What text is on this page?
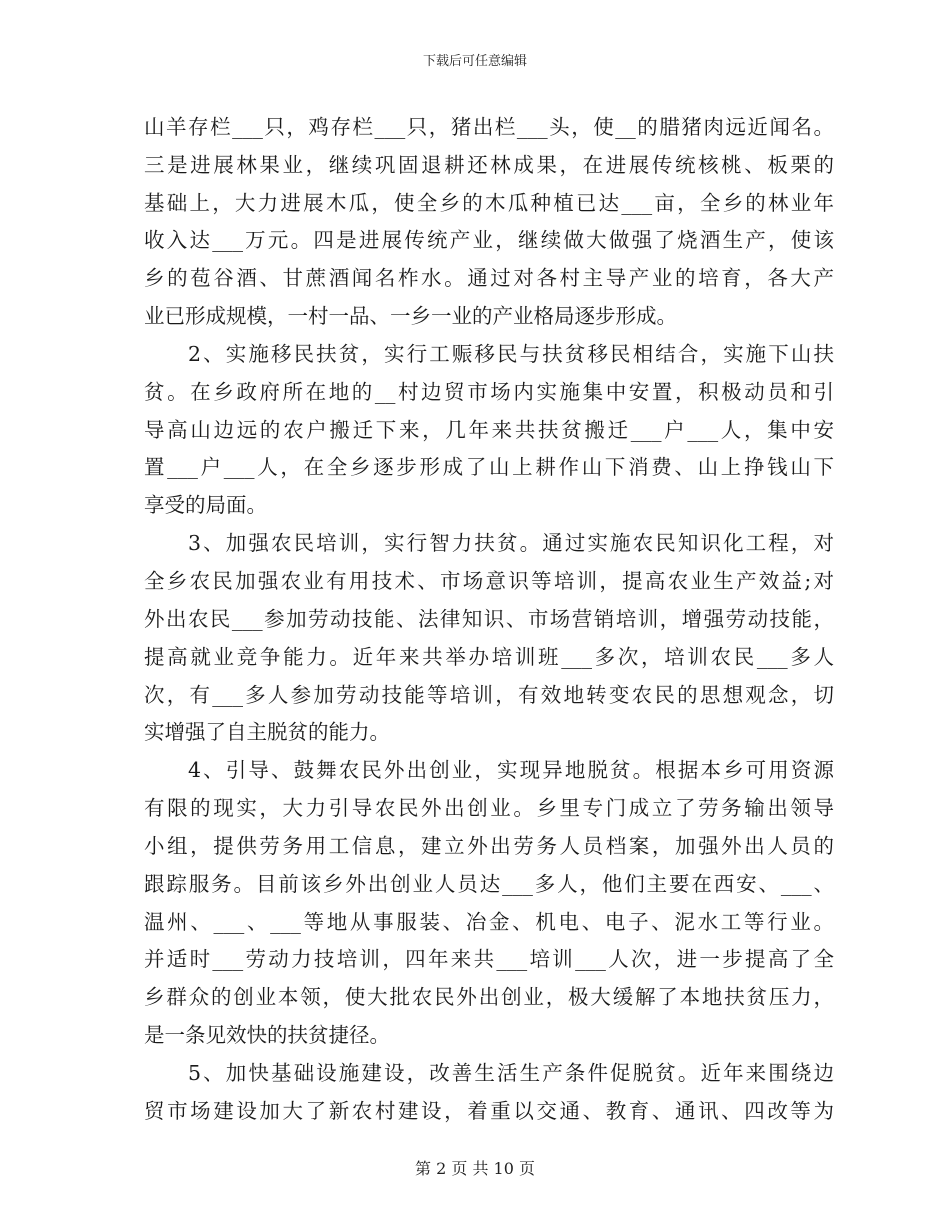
下载后可任意编辑
山羊存栏___只，鸡存栏___只，猪出栏___头，使__的腊猪肉远近闻名。
三是进展林果业，继续巩固退耕还林成果，在进展传统核桃、板栗的
基础上，大力进展木瓜，使全乡的木瓜种植已达___亩，全乡的林业年
收入达___万元。四是进展传统产业，继续做大做强了烧酒生产，使该
乡的苞谷酒、甘蔗酒闻名柞水。通过对各村主导产业的培育，各大产
业已形成规模，一村一品、一乡一业的产业格局逐步形成。
2、实施移民扶贫，实行工赈移民与扶贫移民相结合，实施下山扶
贫。在乡政府所在地的__村边贸市场内实施集中安置，积极动员和引
导高山边远的农户搬迁下来，几年来共扶贫搬迁___户___人，集中安
置___户___人，在全乡逐步形成了山上耕作山下消费、山上挣钱山下
享受的局面。
3、加强农民培训，实行智力扶贫。通过实施农民知识化工程，对
全乡农民加强农业有用技术、市场意识等培训，提高农业生产效益;对
外出农民___参加劳动技能、法律知识、市场营销培训，增强劳动技能，
提高就业竞争能力。近年来共举办培训班___多次，培训农民___多人
次，有___多人参加劳动技能等培训，有效地转变农民的思想观念，切
实增强了自主脱贫的能力。
4、引导、鼓舞农民外出创业，实现异地脱贫。根据本乡可用资源
有限的现实，大力引导农民外出创业。乡里专门成立了劳务输出领导
小组，提供劳务用工信息，建立外出劳务人员档案，加强外出人员的
跟踪服务。目前该乡外出创业人员达___多人，他们主要在西安、___、
温州、___、___等地从事服装、冶金、机电、电子、泥水工等行业。
并适时___劳动力技培训，四年来共___培训___人次，进一步提高了全
乡群众的创业本领，使大批农民外出创业，极大缓解了本地扶贫压力，
是一条见效快的扶贫捷径。
5、加快基础设施建设，改善生活生产条件促脱贫。近年来围绕边
贸市场建设加大了新农村建设，着重以交通、教育、通讯、四改等为
第 2 页 共 10 页
